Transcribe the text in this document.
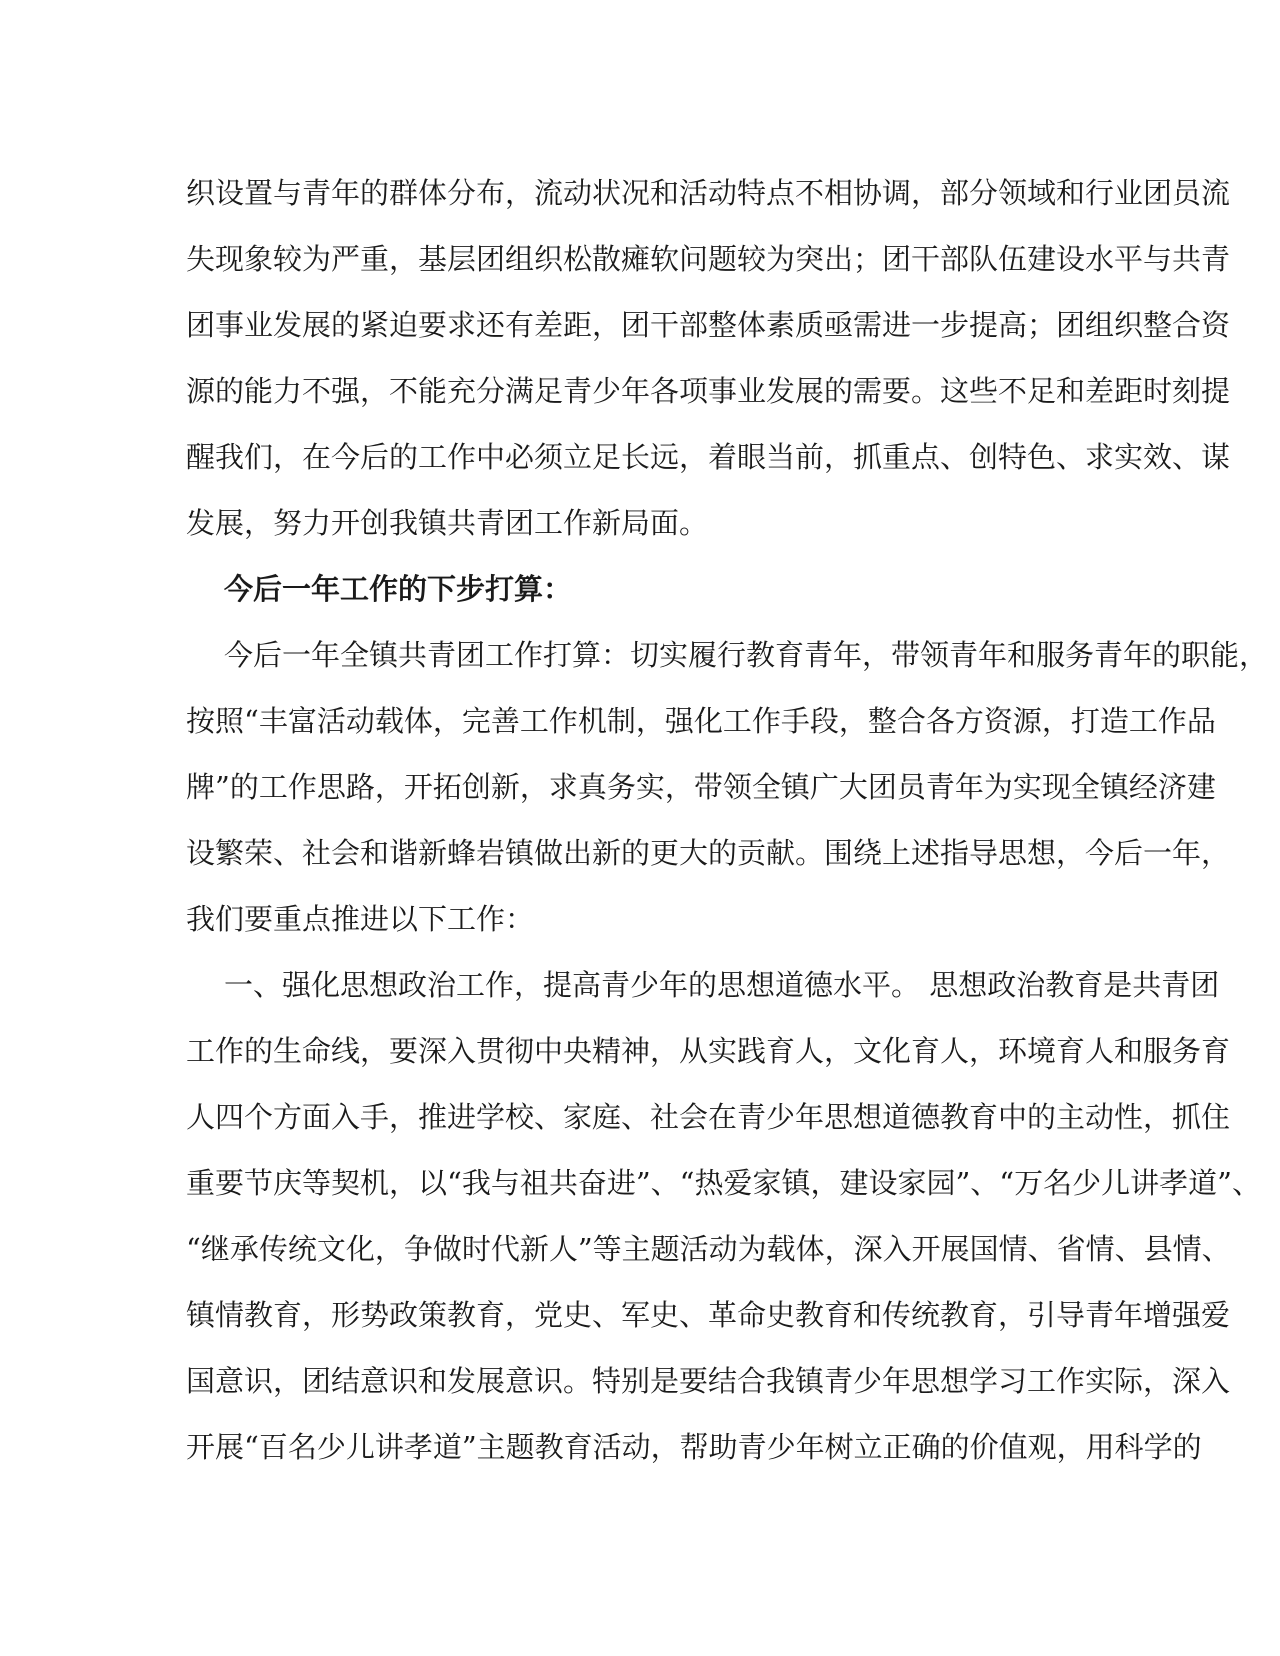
织设置与青年的群体分布，流动状况和活动特点不相协调，部分领域和行业团员流
失现象较为严重，基层团组织松散瘫软问题较为突出；团干部队伍建设水平与共青
团事业发展的紧迫要求还有差距，团干部整体素质亟需进一步提高；团组织整合资
源的能力不强，不能充分满足青少年各项事业发展的需要。这些不足和差距时刻提
醒我们，在今后的工作中必须立足长远，着眼当前，抓重点、创特色、求实效、谋
发展，努力开创我镇共青团工作新局面。
今后一年工作的下步打算：
今后一年全镇共青团工作打算：切实履行教育青年，带领青年和服务青年的职能，
按照“丰富活动载体，完善工作机制，强化工作手段，整合各方资源，打造工作品
牌”的工作思路，开拓创新，求真务实，带领全镇广大团员青年为实现全镇经济建
设繁荣、社会和谐新蜂岩镇做出新的更大的贡献。围绕上述指导思想，今后一年，
我们要重点推进以下工作：
一、强化思想政治工作，提高青少年的思想道德水平。 思想政治教育是共青团
工作的生命线，要深入贯彻中央精神，从实践育人，文化育人，环境育人和服务育
人四个方面入手，推进学校、家庭、社会在青少年思想道德教育中的主动性，抓住
重要节庆等契机，以“我与祖共奋进”、“热爱家镇，建设家园”、“万名少儿讲孝道”、
“继承传统文化，争做时代新人”等主题活动为载体，深入开展国情、省情、县情、
镇情教育，形势政策教育，党史、军史、革命史教育和传统教育，引导青年增强爱
国意识，团结意识和发展意识。特别是要结合我镇青少年思想学习工作实际，深入
开展“百名少儿讲孝道”主题教育活动，帮助青少年树立正确的价值观，用科学的
